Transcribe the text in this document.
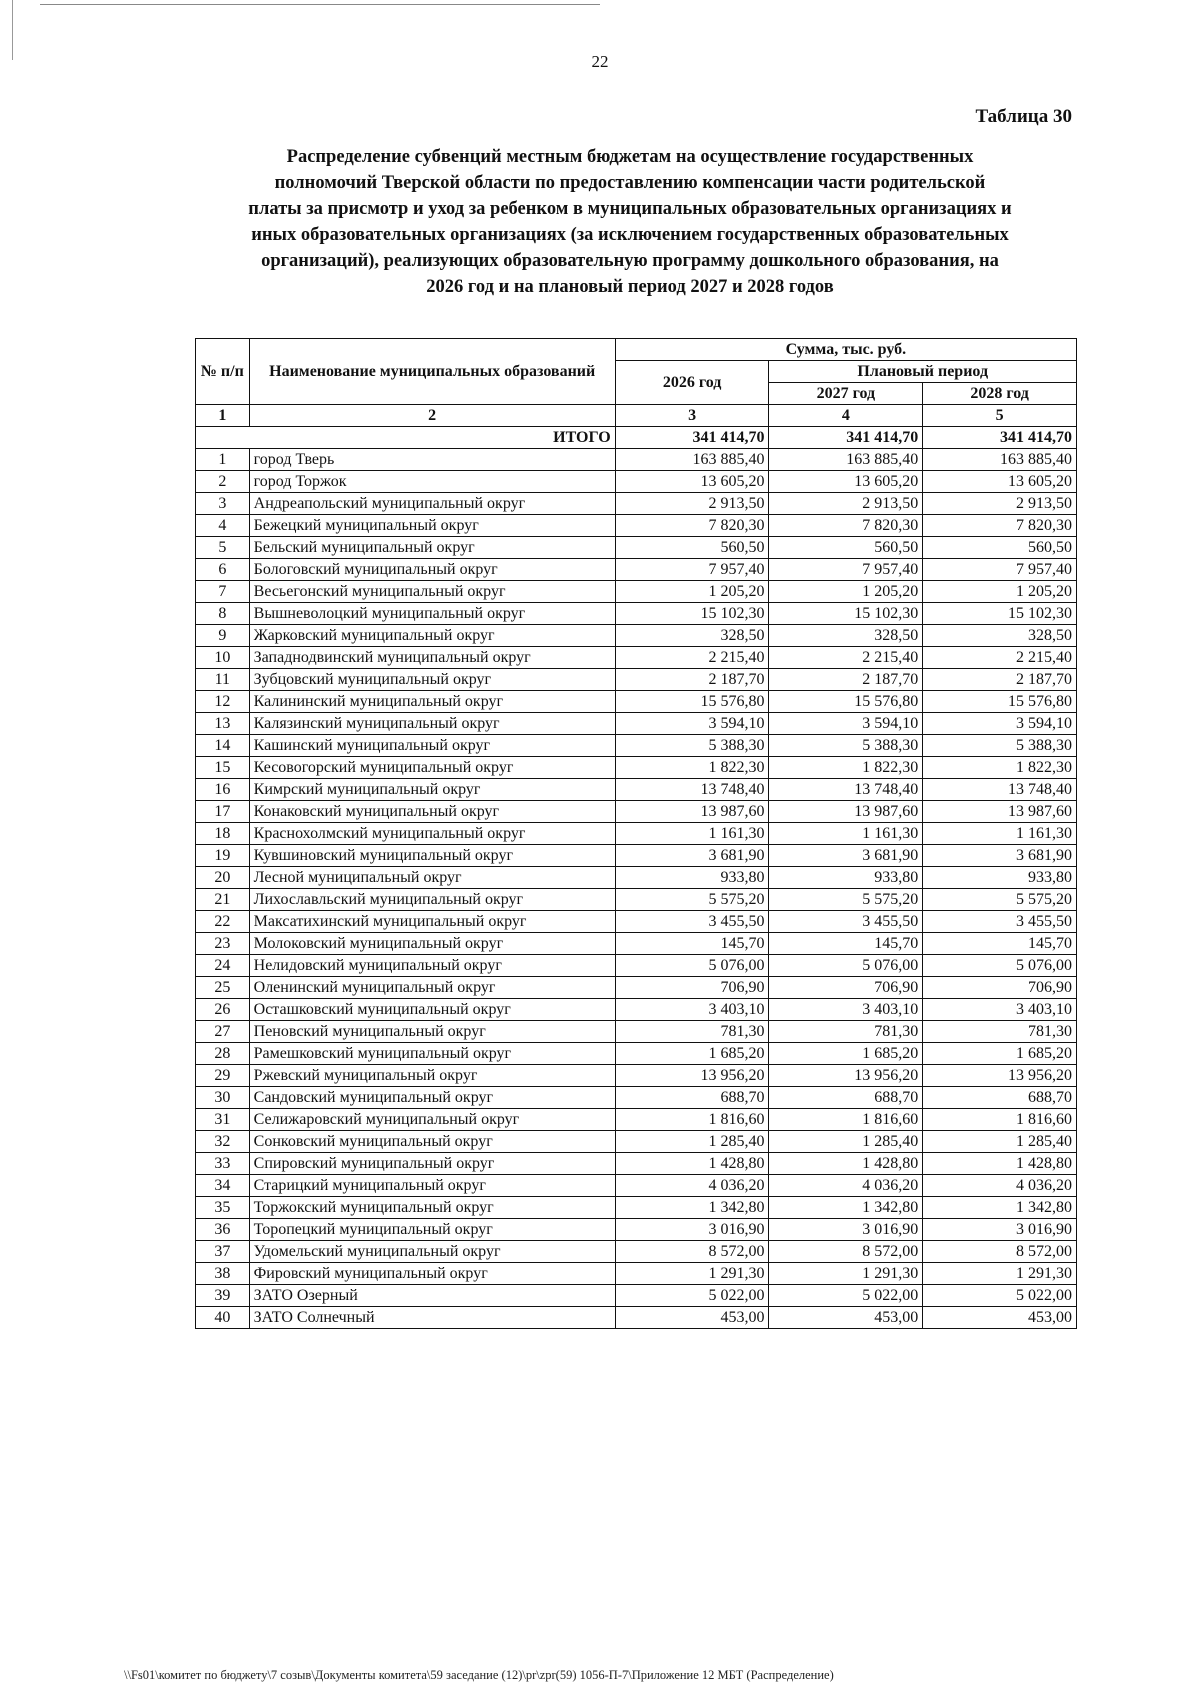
22
Таблица 30
Распределение субвенций местным бюджетам на осуществление государственных
полномочий Тверской области по предоставлению компенсации части родительской
платы за присмотр и уход за ребенком в муниципальных образовательных организациях и
иных образовательных организациях (за исключением государственных образовательных
организаций), реализующих образовательную программу дошкольного образования, на
2026 год и на плановый период 2027 и 2028 годов
№ п/п	Наименование муниципальных образований	Сумма, тыс. руб.		
		2026 год	Плановый период	
			2027 год	2028 год
1	2	3	4	5
ИТОГО		341 414,70	341 414,70	341 414,70
1	город Тверь	163 885,40	163 885,40	163 885,40
2	город Торжок	13 605,20	13 605,20	13 605,20
3	Андреапольский муниципальный округ	2 913,50	2 913,50	2 913,50
4	Бежецкий муниципальный округ	7 820,30	7 820,30	7 820,30
5	Бельский муниципальный округ	560,50	560,50	560,50
6	Бологовский муниципальный округ	7 957,40	7 957,40	7 957,40
7	Весьегонский муниципальный округ	1 205,20	1 205,20	1 205,20
8	Вышневолоцкий муниципальный округ	15 102,30	15 102,30	15 102,30
9	Жарковский муниципальный округ	328,50	328,50	328,50
10	Западнодвинский муниципальный округ	2 215,40	2 215,40	2 215,40
11	Зубцовский муниципальный округ	2 187,70	2 187,70	2 187,70
12	Калининский муниципальный округ	15 576,80	15 576,80	15 576,80
13	Калязинский муниципальный округ	3 594,10	3 594,10	3 594,10
14	Кашинский муниципальный округ	5 388,30	5 388,30	5 388,30
15	Кесовогорский муниципальный округ	1 822,30	1 822,30	1 822,30
16	Кимрский муниципальный округ	13 748,40	13 748,40	13 748,40
17	Конаковский муниципальный округ	13 987,60	13 987,60	13 987,60
18	Краснохолмский муниципальный округ	1 161,30	1 161,30	1 161,30
19	Кувшиновский муниципальный округ	3 681,90	3 681,90	3 681,90
20	Лесной муниципальный округ	933,80	933,80	933,80
21	Лихославльский муниципальный округ	5 575,20	5 575,20	5 575,20
22	Максатихинский муниципальный округ	3 455,50	3 455,50	3 455,50
23	Молоковский муниципальный округ	145,70	145,70	145,70
24	Нелидовский муниципальный округ	5 076,00	5 076,00	5 076,00
25	Оленинский муниципальный округ	706,90	706,90	706,90
26	Осташковский муниципальный округ	3 403,10	3 403,10	3 403,10
27	Пеновский муниципальный округ	781,30	781,30	781,30
28	Рамешковский муниципальный округ	1 685,20	1 685,20	1 685,20
29	Ржевский муниципальный округ	13 956,20	13 956,20	13 956,20
30	Сандовский муниципальный округ	688,70	688,70	688,70
31	Селижаровский муниципальный округ	1 816,60	1 816,60	1 816,60
32	Сонковский муниципальный округ	1 285,40	1 285,40	1 285,40
33	Спировский муниципальный округ	1 428,80	1 428,80	1 428,80
34	Старицкий муниципальный округ	4 036,20	4 036,20	4 036,20
35	Торжокский муниципальный округ	1 342,80	1 342,80	1 342,80
36	Торопецкий муниципальный округ	3 016,90	3 016,90	3 016,90
37	Удомельский муниципальный округ	8 572,00	8 572,00	8 572,00
38	Фировский муниципальный округ	1 291,30	1 291,30	1 291,30
39	ЗАТО Озерный	5 022,00	5 022,00	5 022,00
40	ЗАТО Солнечный	453,00	453,00	453,00
\\Fs01\комитет по бюджету\7 созыв\Документы комитета\59 заседание (12)\pr\zpr(59) 1056-П-7\Приложение 12 МБТ (Распределение)
